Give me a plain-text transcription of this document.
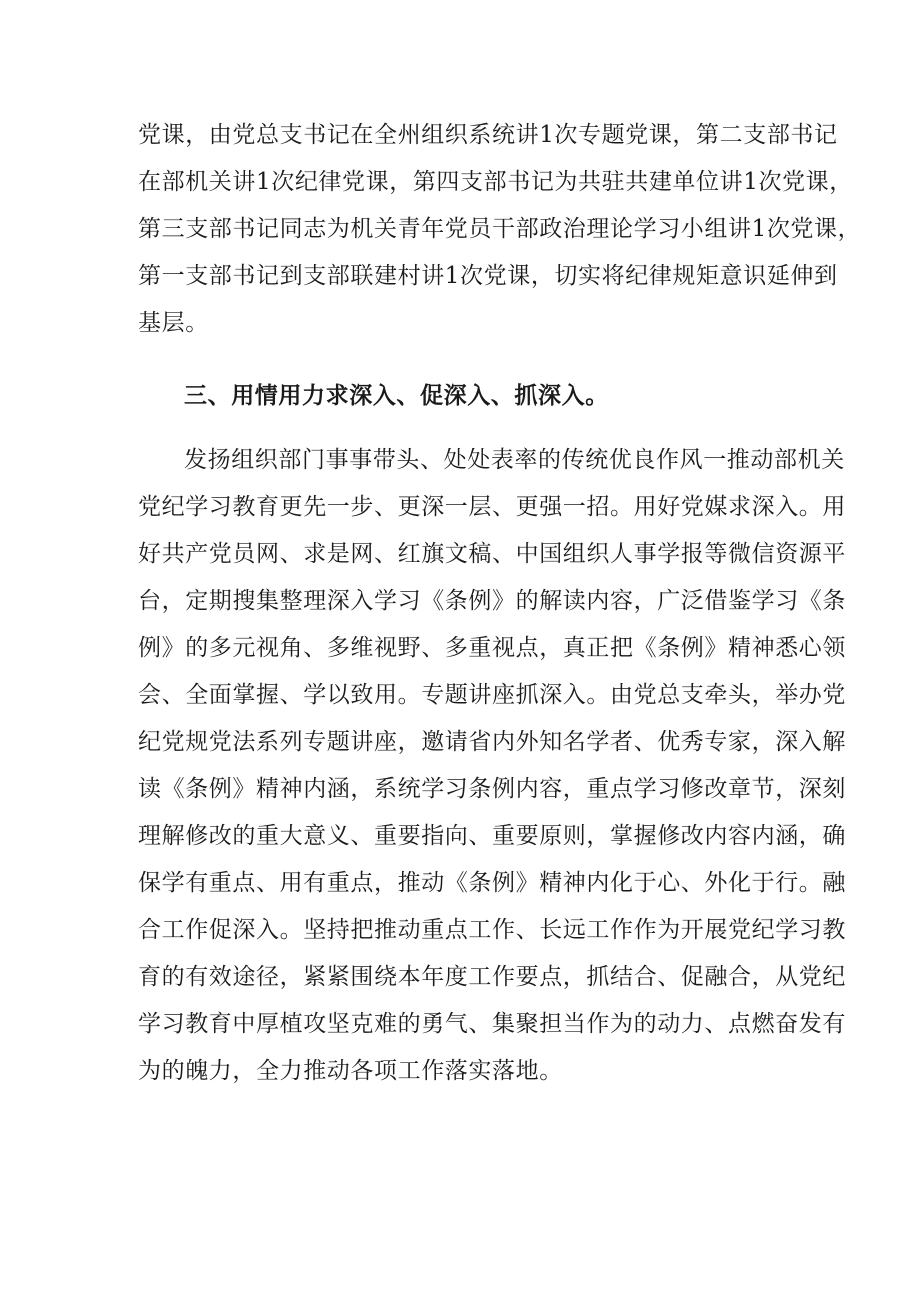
党课，由党总支书记在全州组织系统讲1次专题党课，第二支部书记
在部机关讲1次纪律党课，第四支部书记为共驻共建单位讲1次党课，
第三支部书记同志为机关青年党员干部政治理论学习小组讲1次党课，
第一支部书记到支部联建村讲1次党课，切实将纪律规矩意识延伸到
基层。
三、用情用力求深入、促深入、抓深入。
发扬组织部门事事带头、处处表率的传统优良作风一推动部机关
党纪学习教育更先一步、更深一层、更强一招。用好党媒求深入。用
好共产党员网、求是网、红旗文稿、中国组织人事学报等微信资源平
台，定期搜集整理深入学习《条例》的解读内容，广泛借鉴学习《条
例》的多元视角、多维视野、多重视点，真正把《条例》精神悉心领
会、全面掌握、学以致用。专题讲座抓深入。由党总支牵头，举办党
纪党规党法系列专题讲座，邀请省内外知名学者、优秀专家，深入解
读《条例》精神内涵，系统学习条例内容，重点学习修改章节，深刻
理解修改的重大意义、重要指向、重要原则，掌握修改内容内涵，确
保学有重点、用有重点，推动《条例》精神内化于心、外化于行。融
合工作促深入。坚持把推动重点工作、长远工作作为开展党纪学习教
育的有效途径，紧紧围绕本年度工作要点，抓结合、促融合，从党纪
学习教育中厚植攻坚克难的勇气、集聚担当作为的动力、点燃奋发有
为的魄力，全力推动各项工作落实落地。
